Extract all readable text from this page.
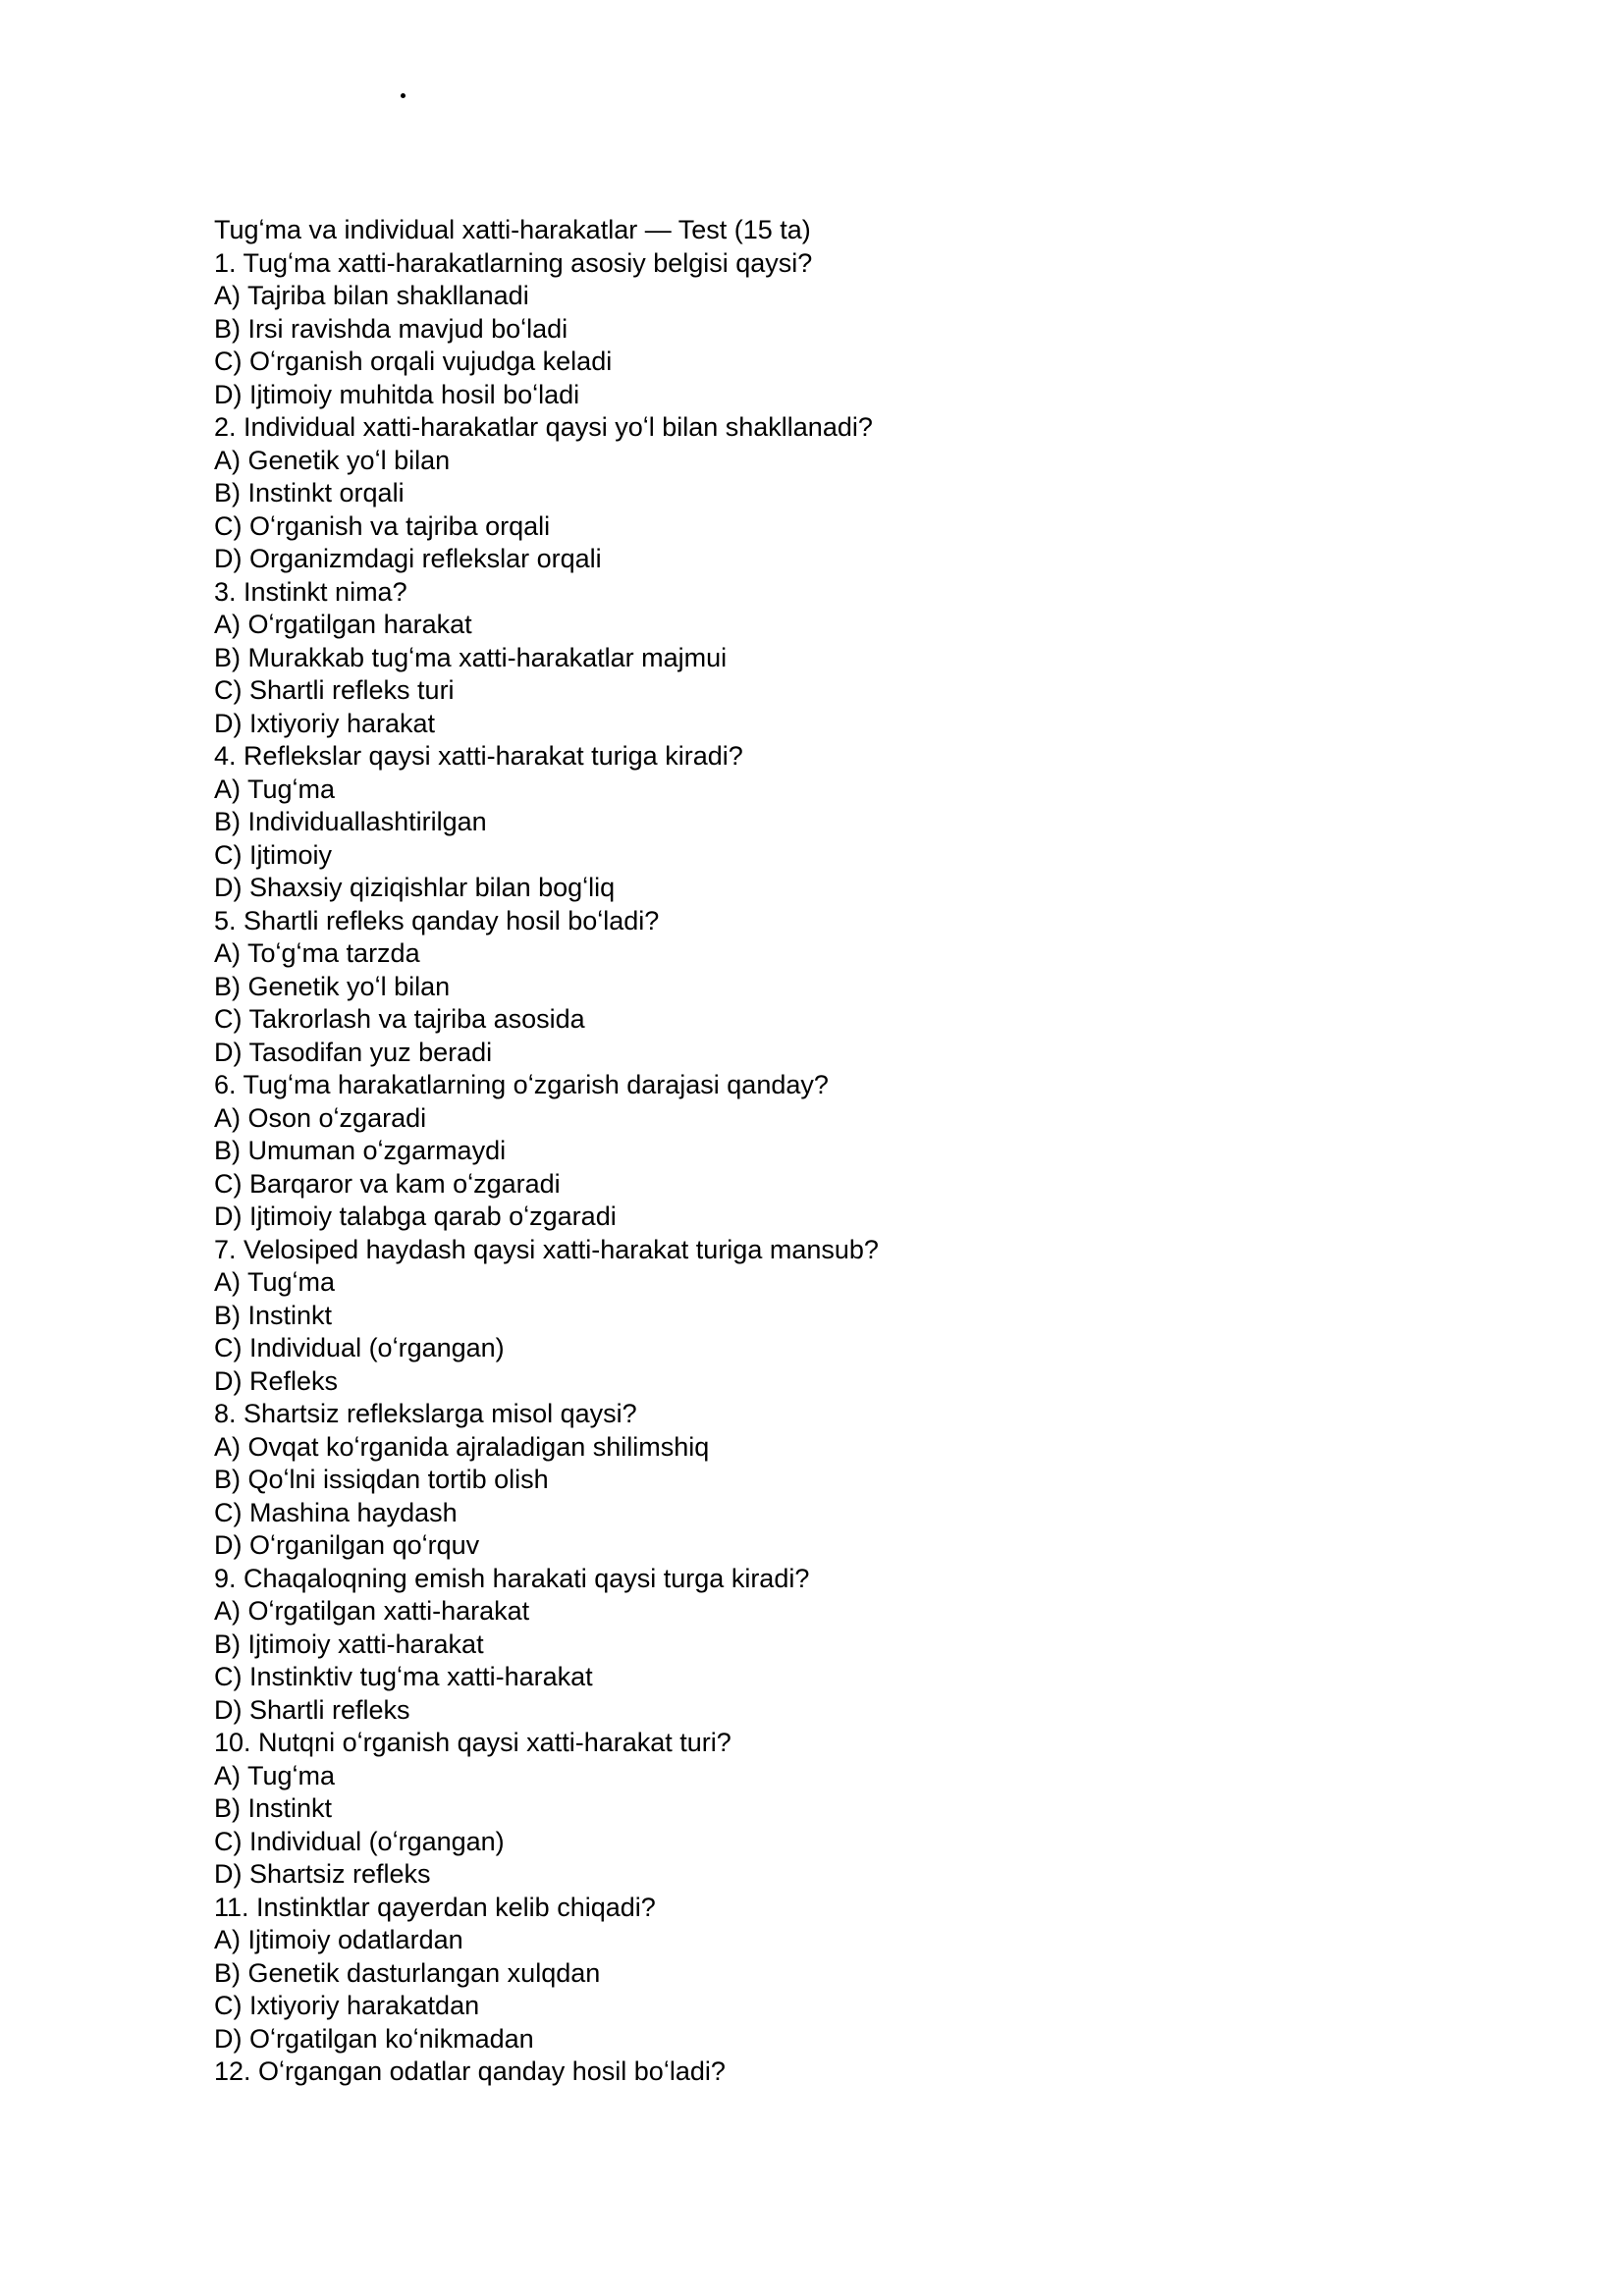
Tugʻma va individual xatti-harakatlar — Test (15 ta)
1. Tugʻma xatti-harakatlarning asosiy belgisi qaysi?
A) Tajriba bilan shakllanadi
B) Irsi ravishda mavjud boʻladi
C) Oʻrganish orqali vujudga keladi
D) Ijtimoiy muhitda hosil boʻladi
2. Individual xatti-harakatlar qaysi yoʻl bilan shakllanadi?
A) Genetik yoʻl bilan
B) Instinkt orqali
C) Oʻrganish va tajriba orqali
D) Organizmdagi reflekslar orqali
3. Instinkt nima?
A) Oʻrgatilgan harakat
B) Murakkab tugʻma xatti-harakatlar majmui
C) Shartli refleks turi
D) Ixtiyoriy harakat
4. Reflekslar qaysi xatti-harakat turiga kiradi?
A) Tugʻma
B) Individuallashtirilgan
C) Ijtimoiy
D) Shaxsiy qiziqishlar bilan bogʻliq
5. Shartli refleks qanday hosil boʻladi?
A) Toʻgʻma tarzda
B) Genetik yoʻl bilan
C) Takrorlash va tajriba asosida
D) Tasodifan yuz beradi
6. Tugʻma harakatlarning oʻzgarish darajasi qanday?
A) Oson oʻzgaradi
B) Umuman oʻzgarmaydi
C) Barqaror va kam oʻzgaradi
D) Ijtimoiy talabga qarab oʻzgaradi
7. Velosiped haydash qaysi xatti-harakat turiga mansub?
A) Tugʻma
B) Instinkt
C) Individual (oʻrgangan)
D) Refleks
8. Shartsiz reflekslarga misol qaysi?
A) Ovqat koʻrganida ajraladigan shilimshiq
B) Qoʻlni issiqdan tortib olish
C) Mashina haydash
D) Oʻrganilgan qoʻrquv
9. Chaqaloqning emish harakati qaysi turga kiradi?
A) Oʻrgatilgan xatti-harakat
B) Ijtimoiy xatti-harakat
C) Instinktiv tugʻma xatti-harakat
D) Shartli refleks
10. Nutqni oʻrganish qaysi xatti-harakat turi?
A) Tugʻma
B) Instinkt
C) Individual (oʻrgangan)
D) Shartsiz refleks
11. Instinktlar qayerdan kelib chiqadi?
A) Ijtimoiy odatlardan
B) Genetik dasturlangan xulqdan
C) Ixtiyoriy harakatdan
D) Oʻrgatilgan koʻnikmadan
12. Oʻrgangan odatlar qanday hosil boʻladi?
